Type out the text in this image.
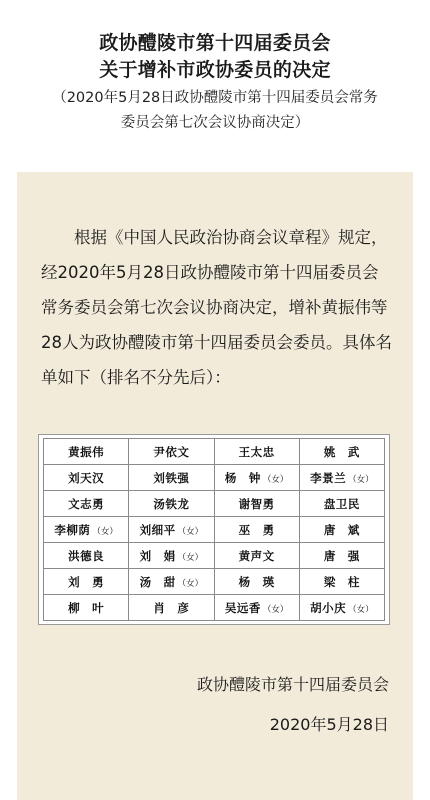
政协醴陵市第十四届委员会
关于增补市政协委员的决定
（2020年5月28日政协醴陵市第十四届委员会常务
委员会第七次会议协商决定）
根据《中国人民政治协商会议章程》规定，经2020年5月28日政协醴陵市第十四届委员会常务委员会第七次会议协商决定，增补黄振伟等28人为政协醴陵市第十四届委员会委员。具体名单如下（排名不分先后）：
黄振伟	尹依文	王太忠	姚　武
刘天汉	刘铁强	杨　钟 （女）	李景兰 （女）
文志勇	汤铁龙	谢智勇	盘卫民
李柳荫 （女）	刘细平 （女）	巫　勇	唐　斌
洪德良	刘　娟 （女）	黄声文	唐　强
刘　勇	汤　甜 （女）	杨　瑛	梁　柱
柳　叶	肖　彦	吴远香 （女）	胡小庆 （女）
政协醴陵市第十四届委员会
2020年5月28日
